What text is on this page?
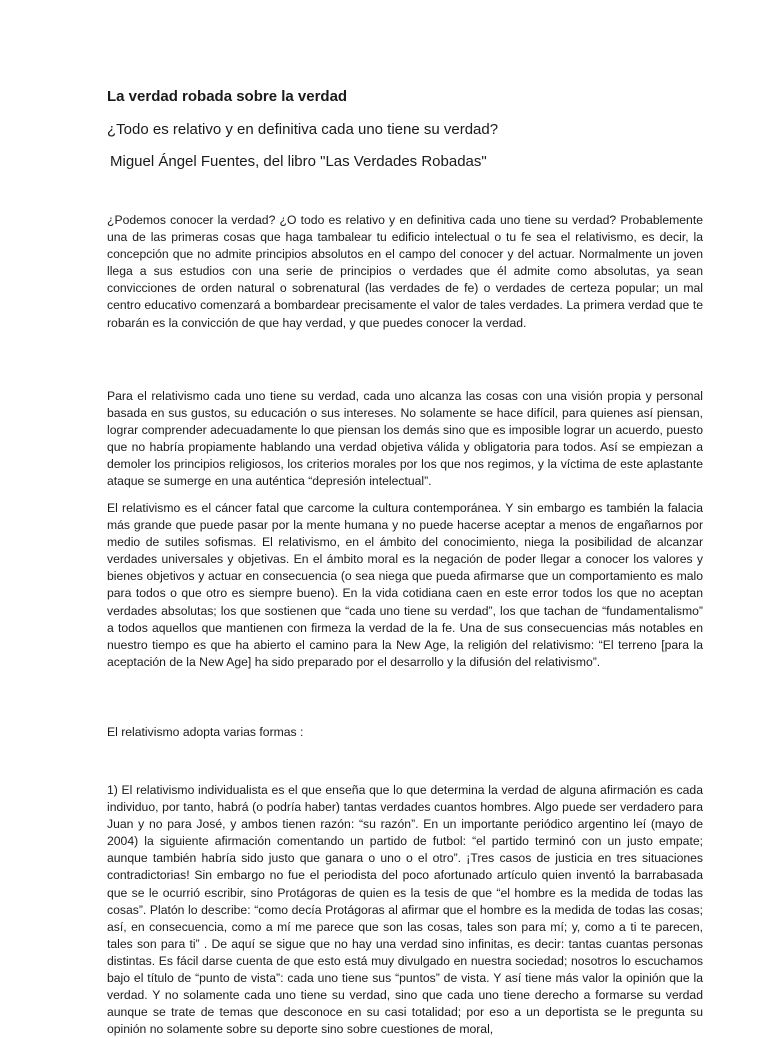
La verdad robada sobre la verdad

¿Todo es relativo y en definitiva cada uno tiene su verdad?

Miguel Ángel Fuentes, del libro "Las Verdades Robadas"

¿Podemos conocer la verdad? ¿O todo es relativo y en definitiva cada uno tiene su verdad? Probablemente una de las primeras cosas que haga tambalear tu edificio intelectual o tu fe sea el relativismo, es decir, la concepción que no admite principios absolutos en el campo del conocer y del actuar. Normalmente un joven llega a sus estudios con una serie de principios o verdades que él admite como absolutas, ya sean convicciones de orden natural o sobrenatural (las verdades de fe) o verdades de certeza popular; un mal centro educativo comenzará a bombardear precisamente el valor de tales verdades. La primera verdad que te robarán es la convicción de que hay verdad, y que puedes conocer la verdad.

Para el relativismo cada uno tiene su verdad, cada uno alcanza las cosas con una visión propia y personal basada en sus gustos, su educación o sus intereses. No solamente se hace difícil, para quienes así piensan, lograr comprender adecuadamente lo que piensan los demás sino que es imposible lograr un acuerdo, puesto que no habría propiamente hablando una verdad objetiva válida y obligatoria para todos. Así se empiezan a demoler los principios religiosos, los criterios morales por los que nos regimos, y la víctima de este aplastante ataque se sumerge en una auténtica “depresión intelectual”.

El relativismo es el cáncer fatal que carcome la cultura contemporánea. Y sin embargo es también la falacia más grande que puede pasar por la mente humana y no puede hacerse aceptar a menos de engañarnos por medio de sutiles sofismas. El relativismo, en el ámbito del conocimiento, niega la posibilidad de alcanzar verdades universales y objetivas. En el ámbito moral es la negación de poder llegar a conocer los valores y bienes objetivos y actuar en consecuencia (o sea niega que pueda afirmarse que un comportamiento es malo para todos o que otro es siempre bueno). En la vida cotidiana caen en este error todos los que no aceptan verdades absolutas; los que sostienen que “cada uno tiene su verdad”, los que tachan de “fundamentalismo” a todos aquellos que mantienen con firmeza la verdad de la fe. Una de sus consecuencias más notables en nuestro tiempo es que ha abierto el camino para la New Age, la religión del relativismo: “El terreno [para la aceptación de la New Age] ha sido preparado por el desarrollo y la difusión del relativismo”.

El relativismo adopta varias formas :

1) El relativismo individualista es el que enseña que lo que determina la verdad de alguna afirmación es cada individuo, por tanto, habrá (o podría haber) tantas verdades cuantos hombres. Algo puede ser verdadero para Juan y no para José, y ambos tienen razón: “su razón”. En un importante periódico argentino leí (mayo de 2004) la siguiente afirmación comentando un partido de futbol: “el partido terminó con un justo empate; aunque también habría sido justo que ganara o uno o el otro”. ¡Tres casos de justicia en tres situaciones contradictorias! Sin embargo no fue el periodista del poco afortunado artículo quien inventó la barrabasada que se le ocurrió escribir, sino Protágoras de quien es la tesis de que “el hombre es la medida de todas las cosas”. Platón lo describe: “como decía Protágoras al afirmar que el hombre es la medida de todas las cosas; así, en consecuencia, como a mí me parece que son las cosas, tales son para mí; y, como a ti te parecen, tales son para ti” . De aquí se sigue que no hay una verdad sino infinitas, es decir: tantas cuantas personas distintas. Es fácil darse cuenta de que esto está muy divulgado en nuestra sociedad; nosotros lo escuchamos bajo el título de “punto de vista”: cada uno tiene sus “puntos” de vista. Y así tiene más valor la opinión que la verdad. Y no solamente cada uno tiene su verdad, sino que cada uno tiene derecho a formarse su verdad aunque se trate de temas que desconoce en su casi totalidad; por eso a un deportista se le pregunta su opinión no solamente sobre su deporte sino sobre cuestiones de moral,
